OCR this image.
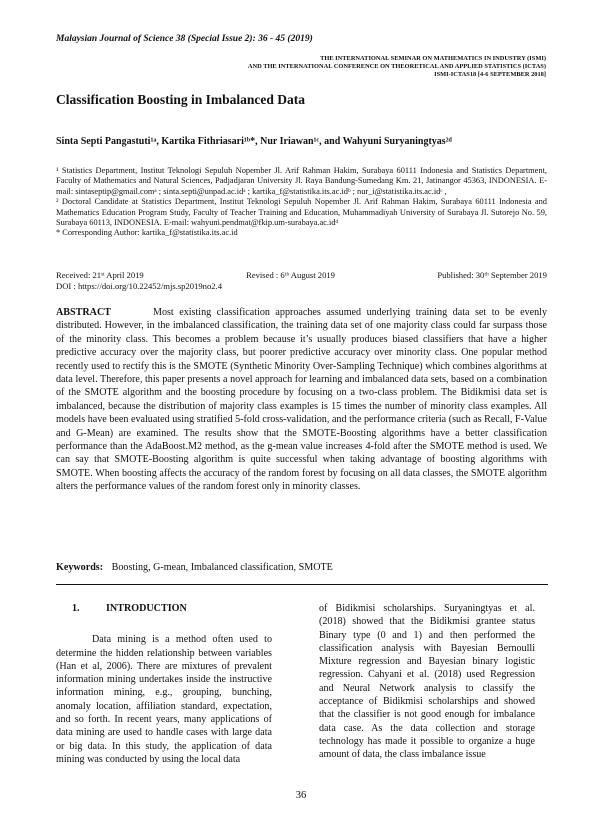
Malaysian Journal of Science 38 (Special Issue 2): 36 - 45 (2019)
THE INTERNATIONAL SEMINAR ON MATHEMATICS IN INDUSTRY (ISMI)
AND THE INTERNATIONAL CONFERENCE ON THEORETICAL AND APPLIED STATISTICS (ICTAS)
ISMI-ICTAS18 [4-6 SEPTEMBER 2018]
Classification Boosting in Imbalanced Data
Sinta Septi Pangastuti¹ᵃ, Kartika Fithriasari¹ᵇ*, Nur Iriawan¹ᶜ, and Wahyuni Suryaningtyas²ᵈ

¹ Statistics Department, Institut Teknologi Sepuluh Nopember Jl. Arif Rahman Hakim, Surabaya 60111 Indonesia and Statistics Department, Faculty of Mathematics and Natural Sciences, Padjadjaran University Jl. Raya Bandung-Sumedang Km. 21, Jatinangor 45363, INDONESIA. E-mail: sintaseptip@gmail.comᵃ ; sinta.septi@unpad.ac.idᵃ ; kartika_f@statistika.its.ac.idᵇ ; nur_i@statistika.its.ac.idᶜ ,

² Doctoral Candidate at Statistics Department, Institut Teknologi Sepuluh Nopember Jl. Arif Rahman Hakim, Surabaya 60111 Indonesia and Mathematics Education Program Study, Faculty of Teacher Training and Education, Muhammadiyah University of Surabaya Jl. Sutorejo No. 59, Surabaya 60113, INDONESIA. E-mail: wahyuni.pendmat@fkip.um-surabaya.ac.idᵈ

* Corresponding Author: kartika_f@statistika.its.ac.id

Received: 21ˢᵗ April 2019	Revised : 6ᵗʰ August 2019	Published: 30ᵗʰ September 2019
DOI : https://doi.org/10.22452/mjs.sp2019no2.4
ABSTRACT	Most existing classification approaches assumed underlying training data set to be evenly distributed. However, in the imbalanced classification, the training data set of one majority class could far surpass those of the minority class. This becomes a problem because it’s usually produces biased classifiers that have a higher predictive accuracy over the majority class, but poorer predictive accuracy over minority class. One popular method recently used to rectify this is the SMOTE (Synthetic Minority Over-Sampling Technique) which combines algorithms at data level. Therefore, this paper presents a novel approach for learning and imbalanced data sets, based on a combination of the SMOTE algorithm and the boosting procedure by focusing on a two-class problem. The Bidikmisi data set is imbalanced, because the distribution of majority class examples is 15 times the number of minority class examples. All models have been evaluated using stratified 5-fold cross-validation, and the performance criteria (such as Recall, F-Value and G-Mean) are examined. The results show that the SMOTE-Boosting algorithms have a better classification performance than the AdaBoost.M2 method, as the g-mean value increases 4-fold after the SMOTE method is used. We can say that SMOTE-Boosting algorithm is quite successful when taking advantage of boosting algorithms with SMOTE. When boosting affects the accuracy of the random forest by focusing on all data classes, the SMOTE algorithm alters the performance values of the random forest only in minority classes.
Keywords: Boosting, G-mean, Imbalanced classification, SMOTE
1.	INTRODUCTION
Data mining is a method often used to determine the hidden relationship between variables (Han et al, 2006). There are mixtures of prevalent information mining undertakes inside the instructive information mining, e.g., grouping, bunching, anomaly location, affiliation standard, expectation, and so forth. In recent years, many applications of data mining are used to handle cases with large data or big data. In this study, the application of data mining was conducted by using the local data
of Bidikmisi scholarships. Suryaningtyas et al. (2018) showed that the Bidikmisi grantee status Binary type (0 and 1) and then performed the classification analysis with Bayesian Bernoulli Mixture regression and Bayesian binary logistic regression. Cahyani et al. (2018) used Regression and Neural Network analysis to classify the acceptance of Bidikmisi scholarships and showed that the classifier is not good enough for imbalance data case. As the data collection and storage technology has made it possible to organize a huge amount of data, the class imbalance issue
36
